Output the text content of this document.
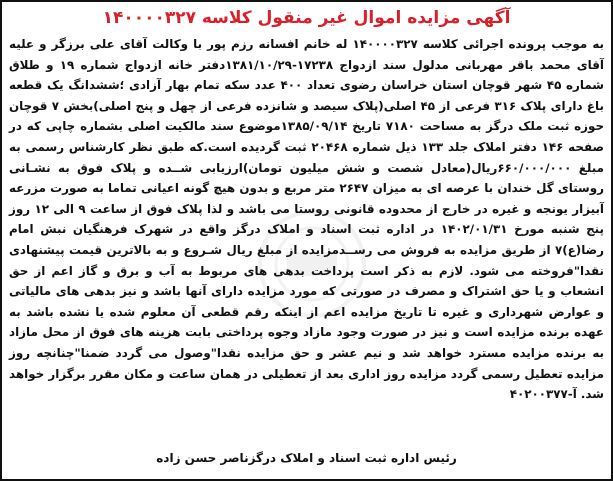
آگهی مزایده اموال غیر منقول کلاسه ۱۴۰۰۰۰۳۲۷

به موجب پرونده اجرائی کلاسه ۱۴۰۰۰۰۳۲۷ له خانم افسانه رزم پور با وکالت آقای علی برزگر و علیه آقای محمد باقر مهربانی مدلول سند ازدواج ۱۷۲۳۸-۱۳۸۱/۱۰/۲۹دفتر خانه ازدواج شماره ۱۹ و طلاق شماره ۴۵ شهر قوچان استان خراسان رضوی تعداد ۴۰۰ عدد سکه تمام بهار آزادی ؛ششدانگ یک قطعه باغ دارای پلاک ۳۱۶ فرعی از ۴۵ اصلی(پلاک سیصد و شانزده فرعی از چهل و پنج اصلی)بخش ۷ قوچان حوزه ثبت ملک درگز به مساحت ۷۱۸۰ تاریخ ۱۳۸۵/۰۹/۱۴موضوع سند مالکیت اصلی بشماره چاپی که در صفحه ۱۴۶ دفتر املاک جلد ۱۳۳ ذیل شماره ۲۰۴۶۸ ثبت گردیده است.که طبق نظر کارشناس رسمی به مبلغ ۶۶۰/۰۰۰/۰۰۰ریال(معادل شصت و شش میلیون تومان)ارزیابی شــده و پلاک فوق به نشـانی روستای گل خندان با عرصه ای به میزان ۲۶۴۷ متر مربع و بدون هیچ گونه اعیانی تماما به صورت مزرعه آبیزار یونجه و غیره در خارج از محدوده قانونی روستا می باشد و لذا پلاک فوق از ساعت ۹ الی ۱۲ روز پنج شنبه مورخ ۱۴۰۲/۰۱/۳۱ در اداره ثبت اسناد و املاک درگز واقع در شهرک فرهنگیان نبش امام رضا(ع)۷ از طریق مزایده به فروش می رســدمزایده از مبلغ ریال شـروع و به بالاترین قیمت پیشنهادی نقدا"فروخته می شود. لازم به ذکر است پرداخت بدهی های مربوط به آب و برق و گاز اعم از حق انشعاب و یا حق اشتراک و مصرف در صورتی که مورد مزایده دارای آنها باشد و نیز بدهی های مالیاتی و عوارض شهرداری و غیره تا تاریخ مزایده اعم از اینکه رقم قطعی آن معلوم شده یا نشده باشد به عهده برنده مزایده است و نیز در صورت وجود مازاد وجوه پرداختی بابت هزینه های فوق از محل مازاد به برنده مزایده مسترد خواهد شد و نیم عشر و حق مزایده نقدا"وصول می گردد ضمنا"چنانچه روز مزایده تعطیل رسمی گردد مزایده روز اداری بعد از تعطیلی در همان ساعت و مکان مقرر برگزار خواهد شد. آ-۴۰۲۰۰۳۷۷

رئیس اداره ثبت اسناد و املاک درگزناصر حسن زاده
